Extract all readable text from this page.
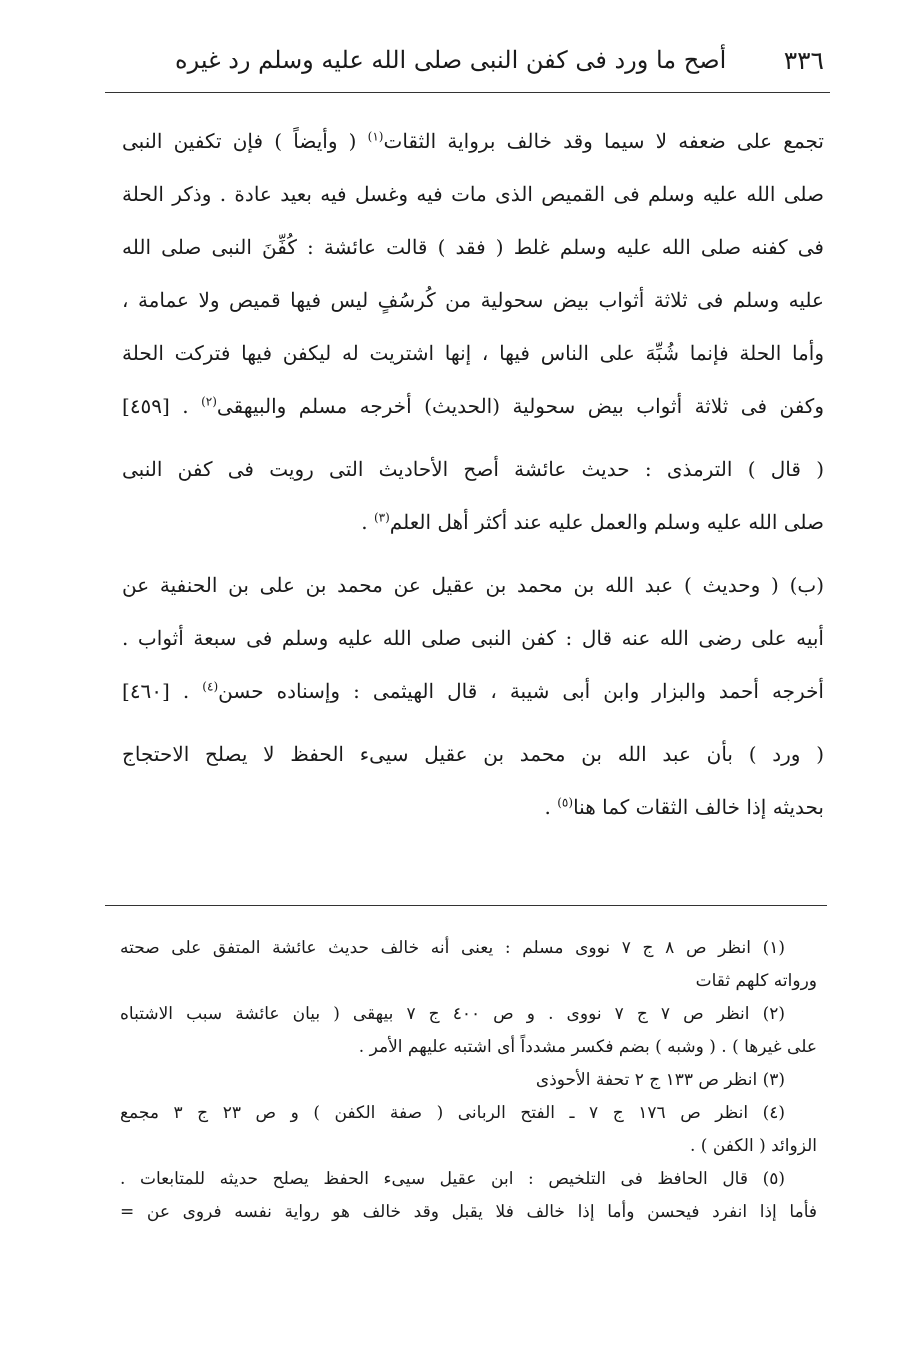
٣٣٦
أصح ما ورد فى كفن النبى صلى الله عليه وسلم رد غيره
تجمع على ضعفه لا سيما وقد خالف برواية الثقات$^{(١)}$ ( وأيضاً ) فإن تكفين النبى
صلى الله عليه وسلم فى القميص الذى مات فيه وغسل فيه بعيد عادة . وذكر الحلة
فى كفنه صلى الله عليه وسلم غلط ( فقد ) قالت عائشة : كُفِّنَ النبى صلى الله
عليه وسلم فى ثلاثة أثواب بيض سحولية من كُرسُفٍ ليس فيها قميص ولا عمامة ،
وأما الحلة فإنما شُبِّهَ على الناس فيها ، إنها اشتريت له ليكفن فيها فتركت الحلة
وكفن فى ثلاثة أثواب بيض سحولية (الحديث) أخرجه مسلم والبيهقى$^{(٢)}$ . [٤٥٩]
( قال ) الترمذى : حديث عائشة أصح الأحاديث التى رويت فى كفن النبى
صلى الله عليه وسلم والعمل عليه عند أكثر أهل العلم$^{(٣)}$ .
(ب) ( وحديث ) عبد الله بن محمد بن عقيل عن محمد بن على بن الحنفية عن
أبيه على رضى الله عنه قال : كفن النبى صلى الله عليه وسلم فى سبعة أثواب .
أخرجه أحمد والبزار وابن أبى شيبة ، قال الهيثمى : وإسناده حسن$^{(٤)}$ . [٤٦٠]
( ورد ) بأن عبد الله بن محمد بن عقيل سيىء الحفظ لا يصلح الاحتجاج
بحديثه إذا خالف الثقات كما هنا$^{(٥)}$ .
(١) انظر ص ٨ ج ٧ نووى مسلم : يعنى أنه خالف حديث عائشة المتفق على صحته
ورواته كلهم ثقات
(٢) انظر ص ٧ ج ٧ نووى . و ص ٤٠٠ ج ٧ بيهقى ( بيان عائشة سبب الاشتباه
على غيرها ) . ( وشبه ) بضم فكسر مشدداً أى اشتبه عليهم الأمر .
(٣) انظر ص ١٣٣ ج ٢ تحفة الأحوذى
(٤) انظر ص ١٧٦ ج ٧ ـ الفتح الربانى ( صفة الكفن ) و ص ٢٣ ج ٣ مجمع
الزوائد ( الكفن ) .
(٥) قال الحافظ فى التلخيص : ابن عقيل سيىء الحفظ يصلح حديثه للمتابعات .
فأما إذا انفرد فيحسن وأما إذا خالف فلا يقبل وقد خالف هو رواية نفسه فروى عن =
